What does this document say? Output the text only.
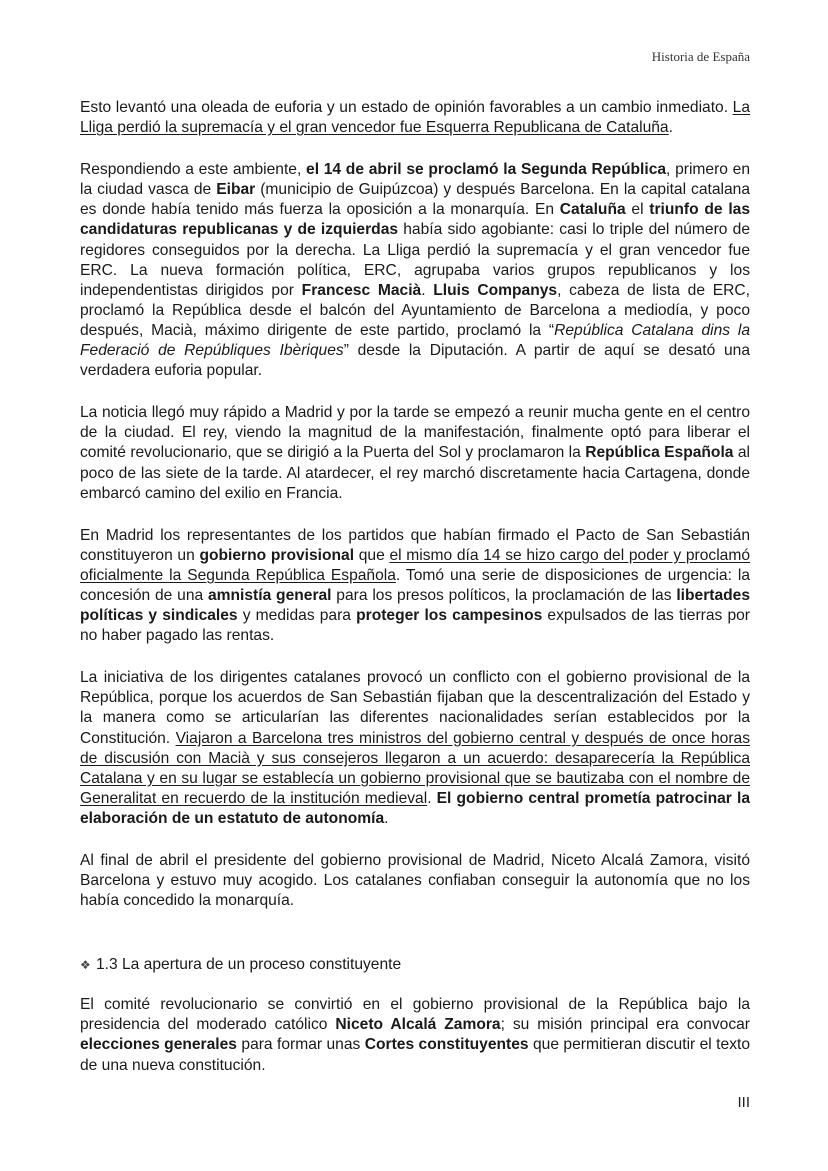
Historia de España

Esto levantó una oleada de euforia y un estado de opinión favorables a un cambio inmediato. La Lliga perdió la supremacía y el gran vencedor fue Esquerra Republicana de Cataluña.

Respondiendo a este ambiente, el 14 de abril se proclamó la Segunda República, primero en la ciudad vasca de Eibar (municipio de Guipúzcoa) y después Barcelona. En la capital catalana es donde había tenido más fuerza la oposición a la monarquía. En Cataluña el triunfo de las candidaturas republicanas y de izquierdas había sido agobiante: casi lo triple del número de regidores conseguidos por la derecha. La Lliga perdió la supremacía y el gran vencedor fue ERC. La nueva formación política, ERC, agrupaba varios grupos republicanos y los independentistas dirigidos por Francesc Macià. Lluis Companys, cabeza de lista de ERC, proclamó la República desde el balcón del Ayuntamiento de Barcelona a mediodía, y poco después, Macià, máximo dirigente de este partido, proclamó la “República Catalana dins la Federació de Repúbliques Ibèriques” desde la Diputación. A partir de aquí se desató una verdadera euforia popular.

La noticia llegó muy rápido a Madrid y por la tarde se empezó a reunir mucha gente en el centro de la ciudad. El rey, viendo la magnitud de la manifestación, finalmente optó para liberar el comité revolucionario, que se dirigió a la Puerta del Sol y proclamaron la República Española al poco de las siete de la tarde. Al atardecer, el rey marchó discretamente hacia Cartagena, donde embarcó camino del exilio en Francia.

En Madrid los representantes de los partidos que habían firmado el Pacto de San Sebastián constituyeron un gobierno provisional que el mismo día 14 se hizo cargo del poder y proclamó oficialmente la Segunda República Española. Tomó una serie de disposiciones de urgencia: la concesión de una amnistía general para los presos políticos, la proclamación de las libertades políticas y sindicales y medidas para proteger los campesinos expulsados de las tierras por no haber pagado las rentas.

La iniciativa de los dirigentes catalanes provocó un conflicto con el gobierno provisional de la República, porque los acuerdos de San Sebastián fijaban que la descentralización del Estado y la manera como se articularían las diferentes nacionalidades serían establecidos por la Constitución. Viajaron a Barcelona tres ministros del gobierno central y después de once horas de discusión con Macià y sus consejeros llegaron a un acuerdo: desaparecería la República Catalana y en su lugar se establecía un gobierno provisional que se bautizaba con el nombre de Generalitat en recuerdo de la institución medieval. El gobierno central prometía patrocinar la elaboración de un estatuto de autonomía.

Al final de abril el presidente del gobierno provisional de Madrid, Niceto Alcalá Zamora, visitó Barcelona y estuvo muy acogido. Los catalanes confiaban conseguir la autonomía que no los había concedido la monarquía.

❖ 1.3 La apertura de un proceso constituyente

El comité revolucionario se convirtió en el gobierno provisional de la República bajo la presidencia del moderado católico Niceto Alcalá Zamora; su misión principal era convocar elecciones generales para formar unas Cortes constituyentes que permitieran discutir el texto de una nueva constitución.

III
